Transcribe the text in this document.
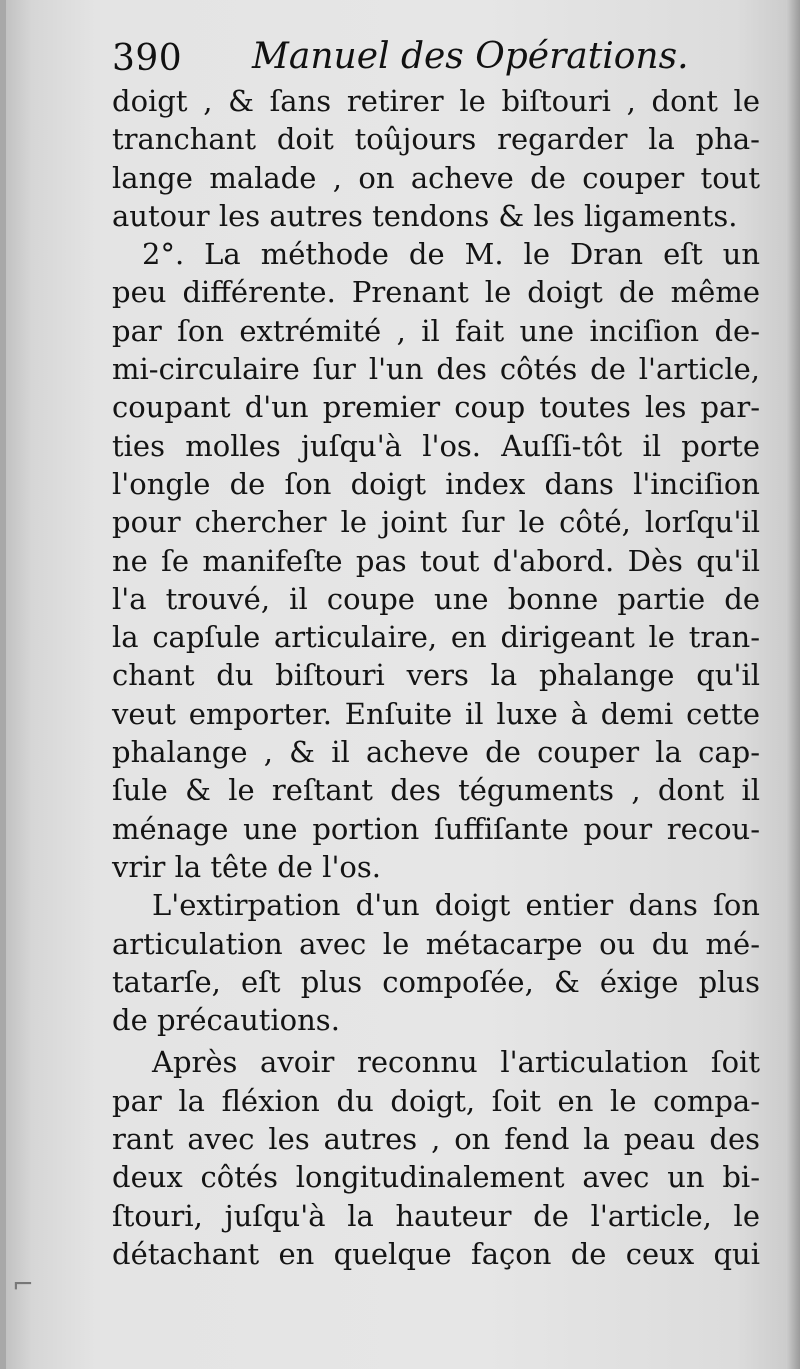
390 Manuel des Opérations.
doigt , & ſans retirer le biſtouri , dont le
tranchant doit toûjours regarder la pha-
lange malade , on acheve de couper tout
autour les autres tendons & les ligaments.
2°. La méthode de M. le Dran eſt un
peu différente. Prenant le doigt de même
par ſon extrémité , il fait une inciſion de-
mi-circulaire ſur l'un des côtés de l'article,
coupant d'un premier coup toutes les par-
ties molles juſqu'à l'os. Auſſi-tôt il porte
l'ongle de ſon doigt index dans l'inciſion
pour chercher le joint ſur le côté, lorſqu'il
ne ſe manifeſte pas tout d'abord. Dès qu'il
l'a trouvé, il coupe une bonne partie de
la capſule articulaire, en dirigeant le tran-
chant du biſtouri vers la phalange qu'il
veut emporter. Enſuite il luxe à demi cette
phalange , & il acheve de couper la cap-
ſule & le reſtant des téguments , dont il
ménage une portion ſuffiſante pour recou-
vrir la tête de l'os.
L'extirpation d'un doigt entier dans ſon
articulation avec le métacarpe ou du mé-
tatarſe, eſt plus compoſée, & éxige plus
de précautions.
Après avoir reconnu l'articulation ſoit
par la fléxion du doigt, ſoit en le compa-
rant avec les autres , on fend la peau des
deux côtés longitudinalement avec un bi-
ſtouri, juſqu'à la hauteur de l'article, le
détachant en quelque façon de ceux qui
⌐
